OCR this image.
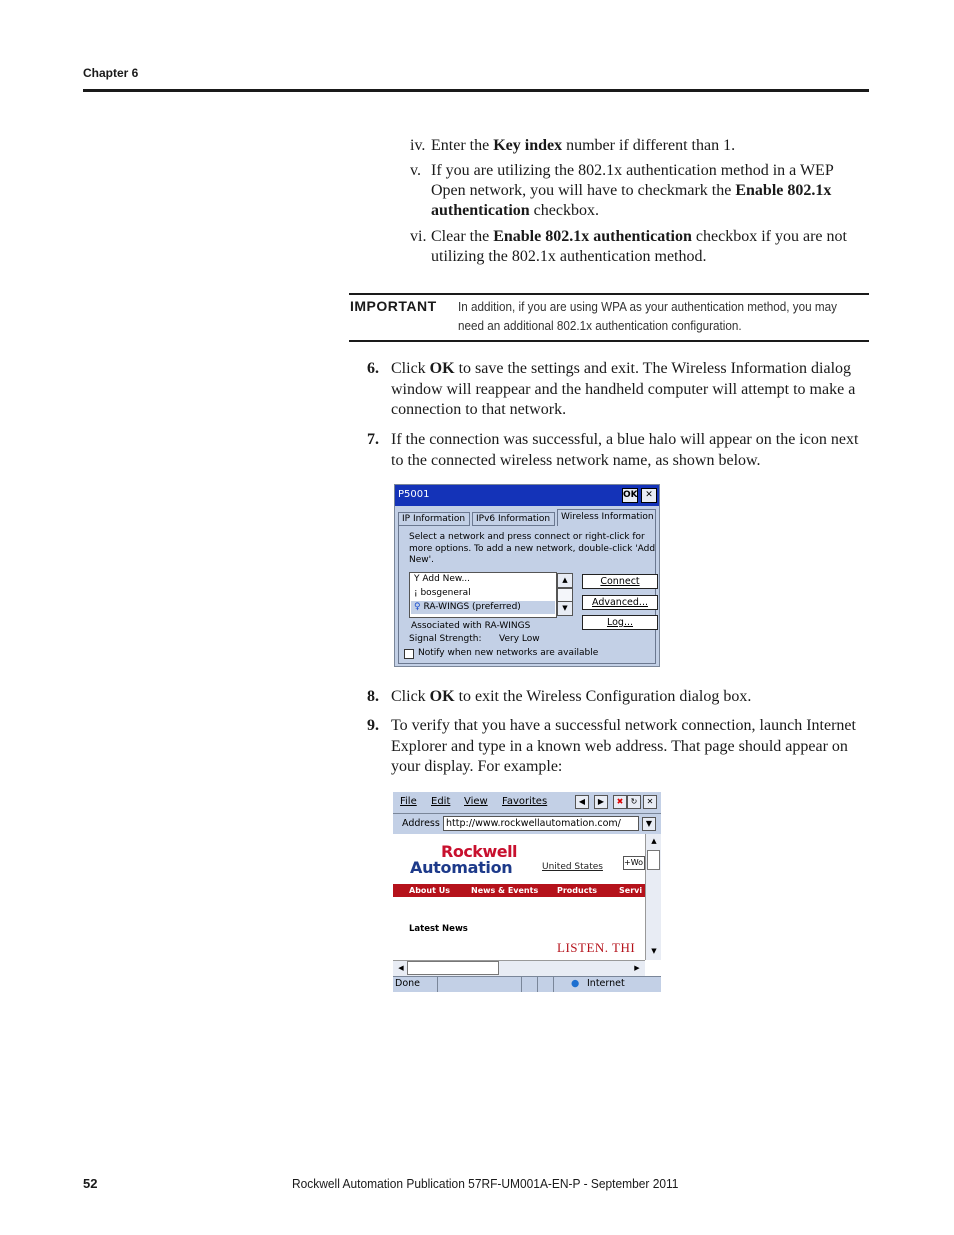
Chapter 6
iv. Enter the Key index number if different than 1.
v. If you are utilizing the 802.1x authentication method in a WEP Open network, you will have to checkmark the Enable 802.1x authentication checkbox.
vi. Clear the Enable 802.1x authentication checkbox if you are not utilizing the 802.1x authentication method.
IMPORTANT In addition, if you are using WPA as your authentication method, you may
need an additional 802.1x authentication configuration.
6. Click OK to save the settings and exit. The Wireless Information dialog window will reappear and the handheld computer will attempt to make a connection to that network.
7. If the connection was successful, a blue halo will appear on the icon next to the connected wireless network name, as shown below.
P5001	OK ✕
IP Information	IPv6 Information	Wireless Information
Select a network and press connect or right-click for more options. To add a new network, double-click 'Add New'.
Y Add New...
¡ bosgeneral
♀ RA-WINGS (preferred)
▲
▼
Connect
Advanced...
Log...
Associated with RA-WINGS
Signal Strength: Very Low
Notify when new networks are available
8. Click OK to exit the Wireless Configuration dialog box.
9. To verify that you have a successful network connection, launch Internet Explorer and type in a known web address. That page should appear on your display. For example:
File Edit View Favorites	◀	▶	✖ ↻	✕
Address http://www.rockwellautomation.com/	▼
Rockwell
Automation	United States	+Wo
About Us	News & Events Products	Servi
Latest News
LISTEN. THI
▲
▼
◀	▶
Done	● Internet
52	Rockwell Automation Publication 57RF-UM001A-EN-P - September 2011
